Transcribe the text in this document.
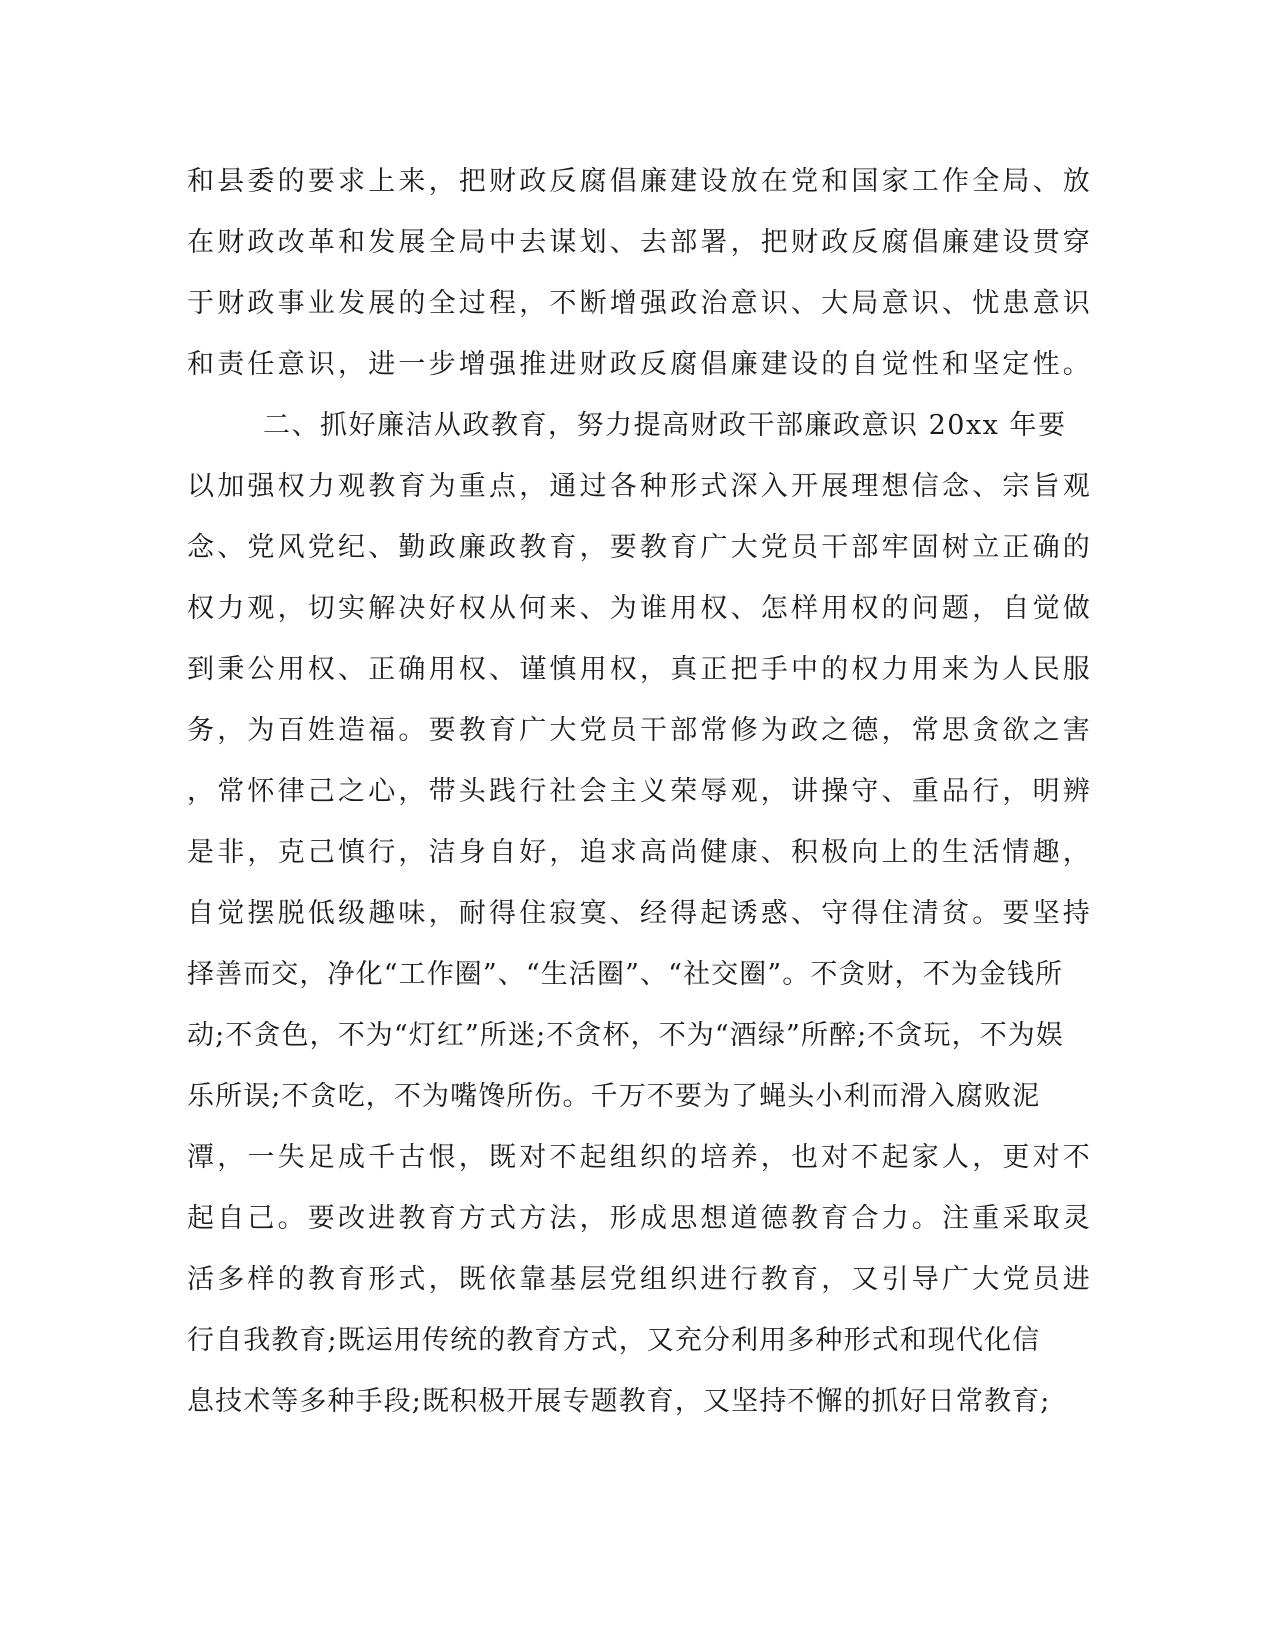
和县委的要求上来，把财政反腐倡廉建设放在党和国家工作全局、放
在财政改革和发展全局中去谋划、去部署，把财政反腐倡廉建设贯穿
于财政事业发展的全过程，不断增强政治意识、大局意识、忧患意识
和责任意识，进一步增强推进财政反腐倡廉建设的自觉性和坚定性。
二、抓好廉洁从政教育，努力提高财政干部廉政意识 20xx 年要
以加强权力观教育为重点，通过各种形式深入开展理想信念、宗旨观
念、党风党纪、勤政廉政教育，要教育广大党员干部牢固树立正确的
权力观，切实解决好权从何来、为谁用权、怎样用权的问题，自觉做
到秉公用权、正确用权、谨慎用权，真正把手中的权力用来为人民服
务，为百姓造福。要教育广大党员干部常修为政之德，常思贪欲之害
，常怀律己之心，带头践行社会主义荣辱观，讲操守、重品行，明辨
是非，克己慎行，洁身自好，追求高尚健康、积极向上的生活情趣，
自觉摆脱低级趣味，耐得住寂寞、经得起诱惑、守得住清贫。要坚持
择善而交，净化“工作圈”、“生活圈”、“社交圈”。不贪财，不为金钱所
动;不贪色，不为“灯红”所迷;不贪杯，不为“酒绿”所醉;不贪玩，不为娱
乐所误;不贪吃，不为嘴馋所伤。千万不要为了蝇头小利而滑入腐败泥
潭，一失足成千古恨，既对不起组织的培养，也对不起家人，更对不
起自己。要改进教育方式方法，形成思想道德教育合力。注重采取灵
活多样的教育形式，既依靠基层党组织进行教育，又引导广大党员进
行自我教育;既运用传统的教育方式，又充分利用多种形式和现代化信
息技术等多种手段;既积极开展专题教育，又坚持不懈的抓好日常教育;
